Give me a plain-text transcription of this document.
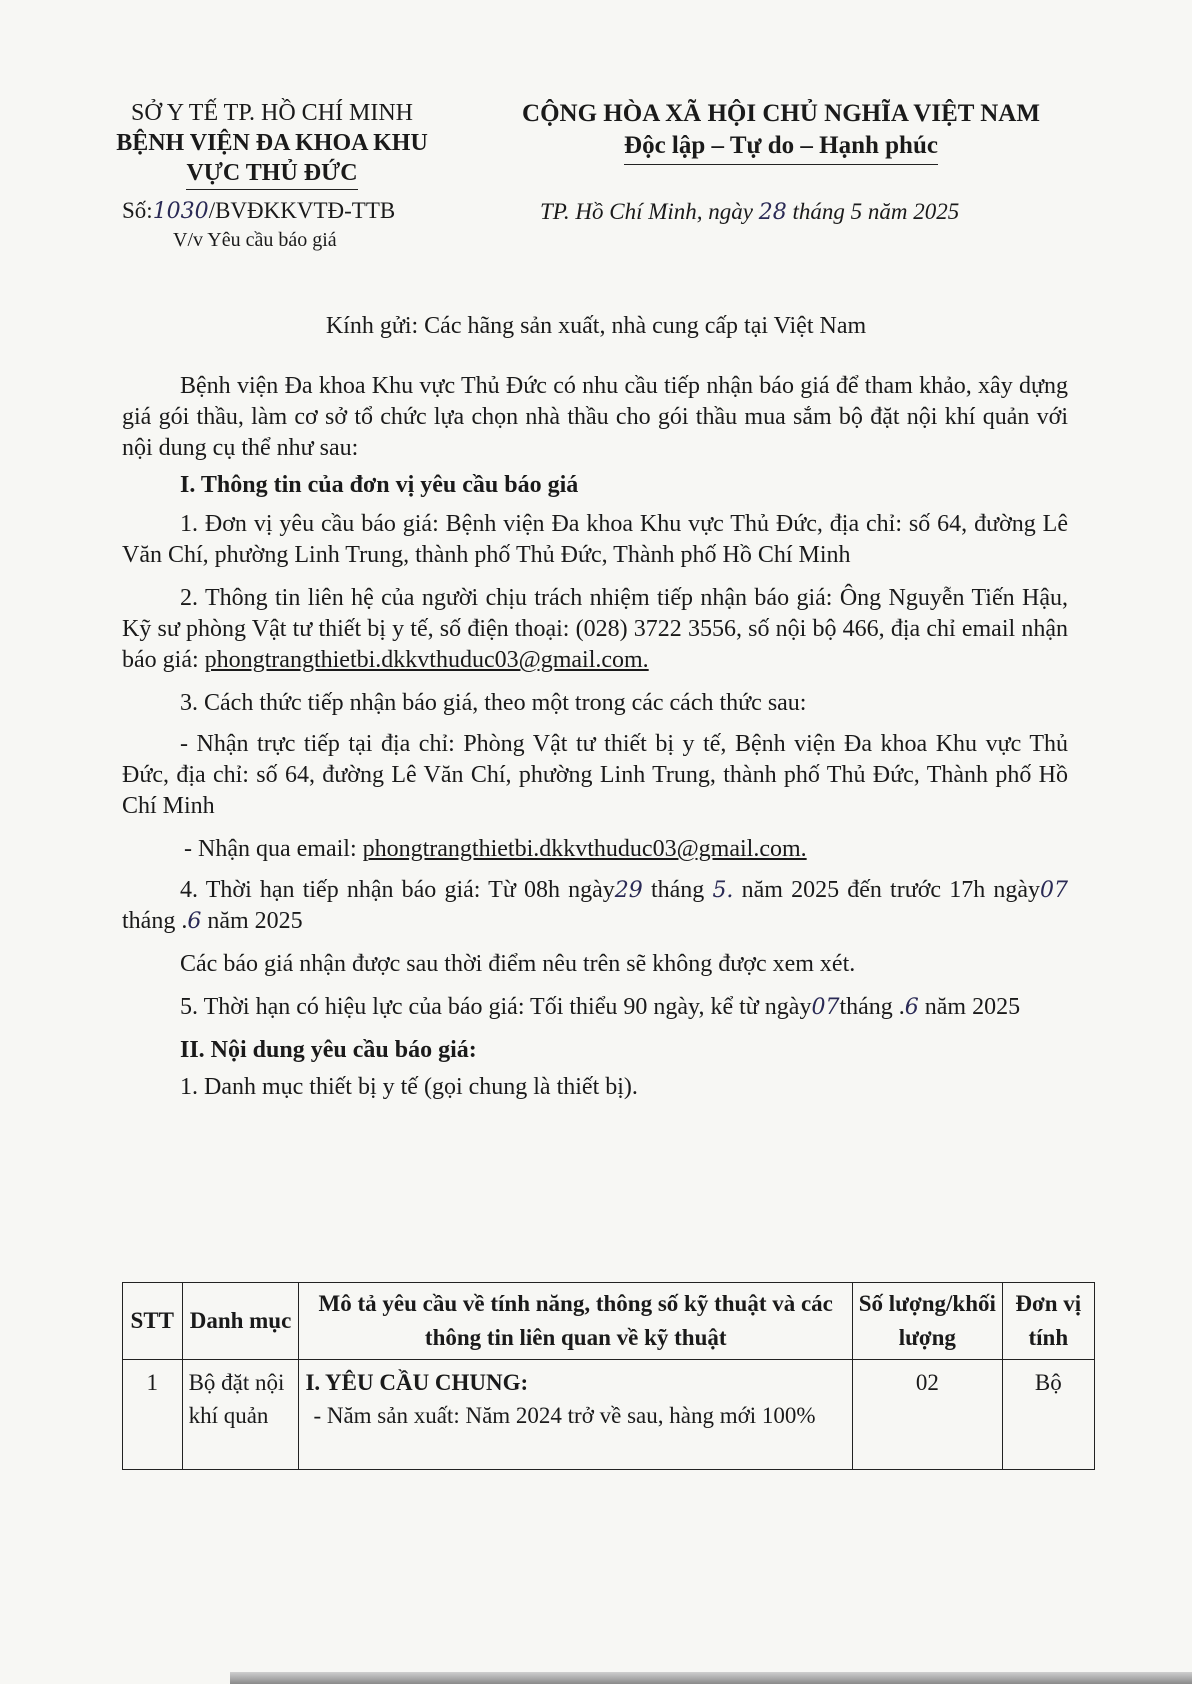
SỞ Y TẾ TP. HỒ CHÍ MINH
BỆNH VIỆN ĐA KHOA KHU
VỰC THỦ ĐỨC
CỘNG HÒA XÃ HỘI CHỦ NGHĨA VIỆT NAM
Độc lập – Tự do – Hạnh phúc
Số:1030/BVĐKKVTĐ-TTB
V/v Yêu cầu báo giá
TP. Hồ Chí Minh, ngày 28 tháng 5 năm 2025
Kính gửi: Các hãng sản xuất, nhà cung cấp tại Việt Nam

Bệnh viện Đa khoa Khu vực Thủ Đức có nhu cầu tiếp nhận báo giá để tham khảo, xây dựng giá gói thầu, làm cơ sở tổ chức lựa chọn nhà thầu cho gói thầu mua sắm bộ đặt nội khí quản với nội dung cụ thể như sau:

I. Thông tin của đơn vị yêu cầu báo giá

1. Đơn vị yêu cầu báo giá: Bệnh viện Đa khoa Khu vực Thủ Đức, địa chỉ: số 64, đường Lê Văn Chí, phường Linh Trung, thành phố Thủ Đức, Thành phố Hồ Chí Minh

2. Thông tin liên hệ của người chịu trách nhiệm tiếp nhận báo giá: Ông Nguyễn Tiến Hậu, Kỹ sư phòng Vật tư thiết bị y tế, số điện thoại: (028) 3722 3556, số nội bộ 466, địa chỉ email nhận báo giá: phongtrangthietbi.dkkvthuduc03@gmail.com.

3. Cách thức tiếp nhận báo giá, theo một trong các cách thức sau:

- Nhận trực tiếp tại địa chỉ: Phòng Vật tư thiết bị y tế, Bệnh viện Đa khoa Khu vực Thủ Đức, địa chỉ: số 64, đường Lê Văn Chí, phường Linh Trung, thành phố Thủ Đức, Thành phố Hồ Chí Minh

- Nhận qua email: phongtrangthietbi.dkkvthuduc03@gmail.com.

4. Thời hạn tiếp nhận báo giá: Từ 08h ngày29 tháng 5. năm 2025 đến trước 17h ngày07 tháng .6 năm 2025

Các báo giá nhận được sau thời điểm nêu trên sẽ không được xem xét.

5. Thời hạn có hiệu lực của báo giá: Tối thiểu 90 ngày, kể từ ngày07tháng .6 năm 2025

II. Nội dung yêu cầu báo giá:

1. Danh mục thiết bị y tế (gọi chung là thiết bị).

STT	Danh mục	Mô tả yêu cầu về tính năng, thông số kỹ thuật và các thông tin liên quan về kỹ thuật	Số lượng/khối lượng	Đơn vị tính
1	Bộ đặt nội khí quản	I. YÊU CẦU CHUNG:
- Năm sản xuất: Năm 2024 trở về sau, hàng mới 100%	02	Bộ
